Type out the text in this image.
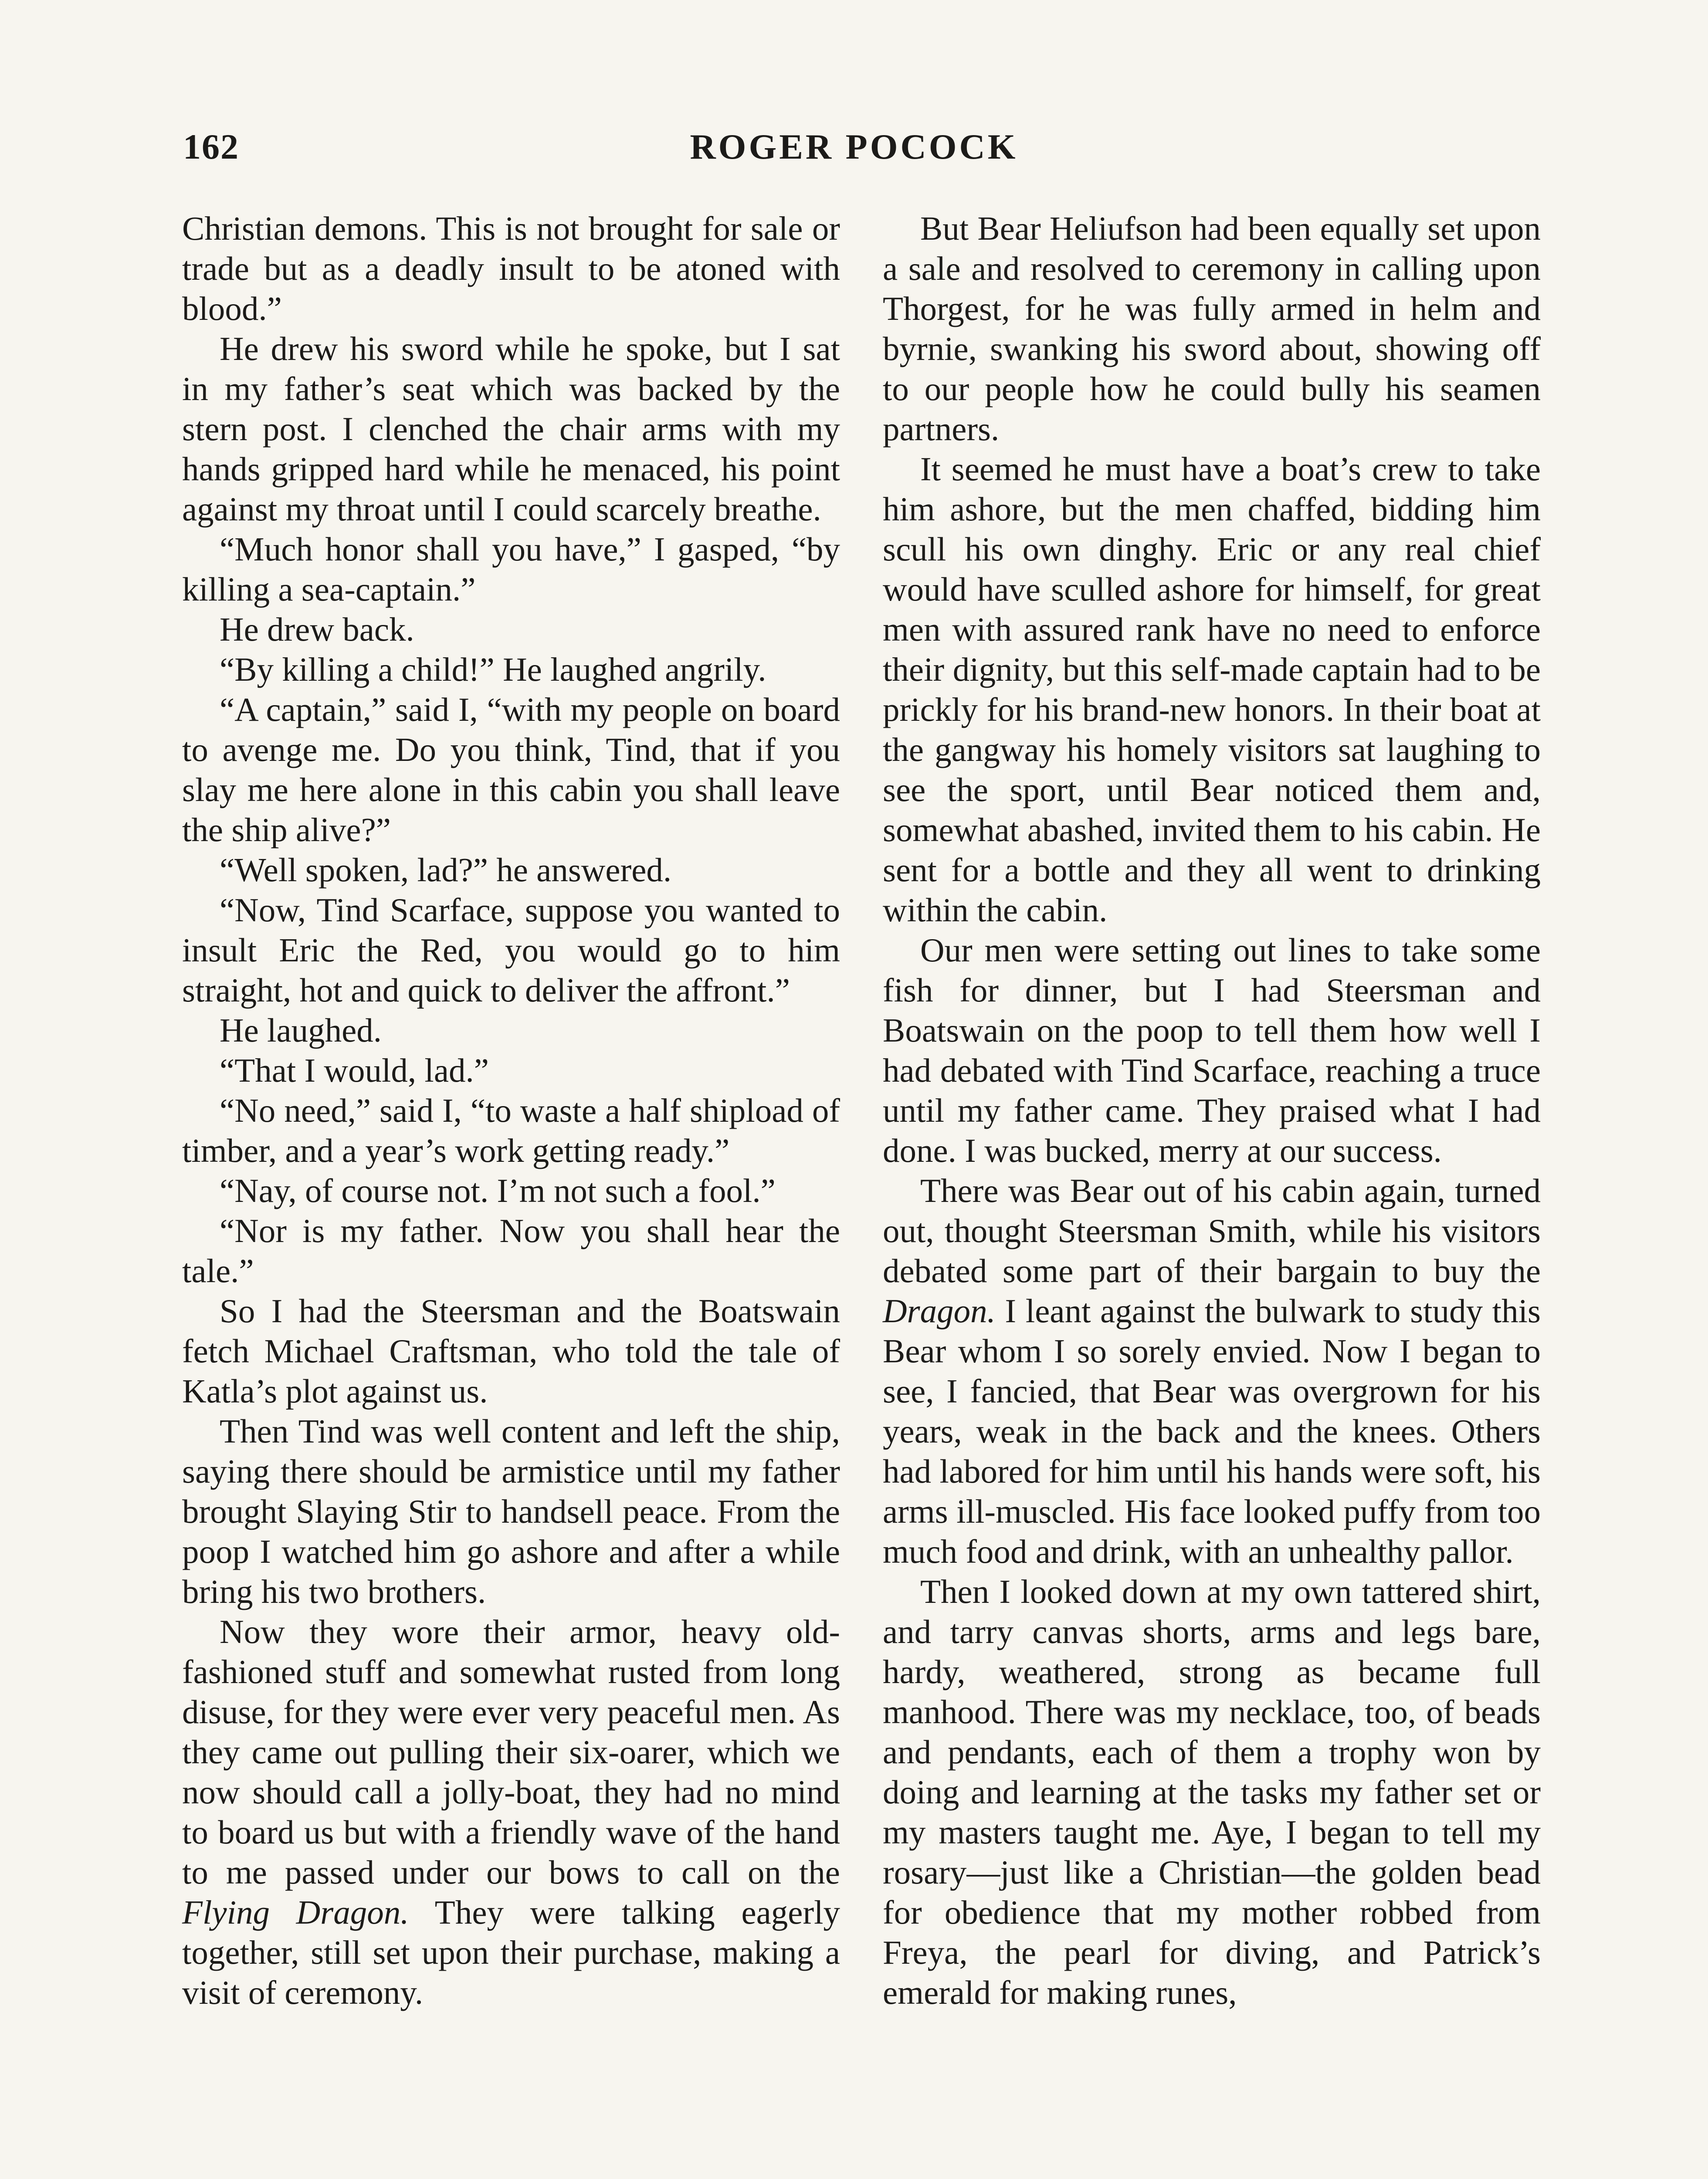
162	ROGER POCOCK

Christian demons. This is not brought for sale or trade but as a deadly insult to be atoned with blood.”

He drew his sword while he spoke, but I sat in my father’s seat which was backed by the stern post. I clenched the chair arms with my hands gripped hard while he menaced, his point against my throat until I could scarcely breathe.

“Much honor shall you have,” I gasped, “by killing a sea-captain.”

He drew back.

“By killing a child!” He laughed angrily.

“A captain,” said I, “with my people on board to avenge me. Do you think, Tind, that if you slay me here alone in this cabin you shall leave the ship alive?”

“Well spoken, lad?” he answered.

“Now, Tind Scarface, suppose you wanted to insult Eric the Red, you would go to him straight, hot and quick to deliver the affront.”

He laughed.

“That I would, lad.”

“No need,” said I, “to waste a half shipload of timber, and a year’s work getting ready.”

“Nay, of course not. I’m not such a fool.”

“Nor is my father. Now you shall hear the tale.”

So I had the Steersman and the Boatswain fetch Michael Craftsman, who told the tale of Katla’s plot against us.

Then Tind was well content and left the ship, saying there should be armistice until my father brought Slaying Stir to handsell peace. From the poop I watched him go ashore and after a while bring his two brothers.

Now they wore their armor, heavy old-fashioned stuff and somewhat rusted from long disuse, for they were ever very peaceful men. As they came out pulling their six-oarer, which we now should call a jolly-boat, they had no mind to board us but with a friendly wave of the hand to me passed under our bows to call on the Flying Dragon. They were talking eagerly together, still set upon their purchase, making a visit of ceremony.

But Bear Heliufson had been equally set upon a sale and resolved to ceremony in calling upon Thorgest, for he was fully armed in helm and byrnie, swanking his sword about, showing off to our people how he could bully his seamen partners.

It seemed he must have a boat’s crew to take him ashore, but the men chaffed, bidding him scull his own dinghy. Eric or any real chief would have sculled ashore for himself, for great men with assured rank have no need to enforce their dignity, but this self-made captain had to be prickly for his brand-new honors. In their boat at the gangway his homely visitors sat laughing to see the sport, until Bear noticed them and, somewhat abashed, invited them to his cabin. He sent for a bottle and they all went to drinking within the cabin.

Our men were setting out lines to take some fish for dinner, but I had Steersman and Boatswain on the poop to tell them how well I had debated with Tind Scarface, reaching a truce until my father came. They praised what I had done. I was bucked, merry at our success.

There was Bear out of his cabin again, turned out, thought Steersman Smith, while his visitors debated some part of their bargain to buy the Dragon. I leant against the bulwark to study this Bear whom I so sorely envied. Now I began to see, I fancied, that Bear was overgrown for his years, weak in the back and the knees. Others had labored for him until his hands were soft, his arms ill-muscled. His face looked puffy from too much food and drink, with an unhealthy pallor.

Then I looked down at my own tattered shirt, and tarry canvas shorts, arms and legs bare, hardy, weathered, strong as became full manhood. There was my necklace, too, of beads and pendants, each of them a trophy won by doing and learning at the tasks my father set or my masters taught me. Aye, I began to tell my rosary—just like a Christian—the golden bead for obedience that my mother robbed from Freya, the pearl for diving, and Patrick’s emerald for making runes,
